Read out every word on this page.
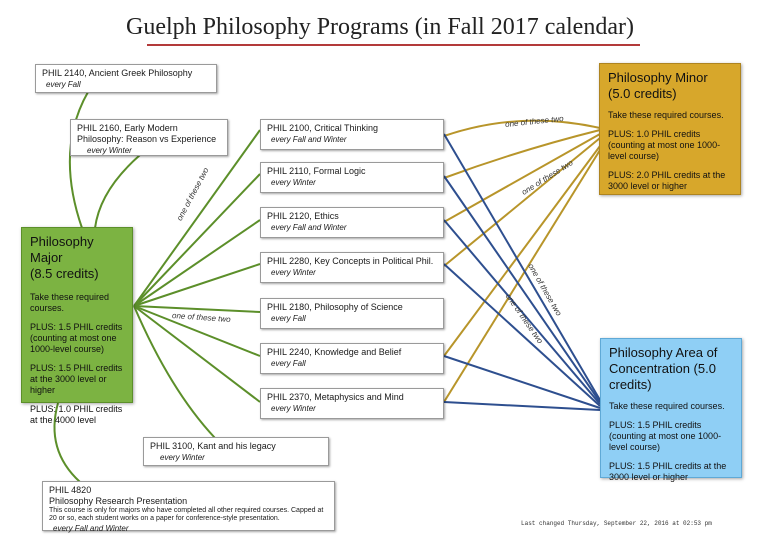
Guelph Philosophy Programs (in Fall 2017 calendar)
PHIL 2140, Ancient Greek Philosophy
every Fall
PHIL 2160, Early Modern
Philosophy: Reason vs Experience
every Winter
PHIL 2100, Critical Thinking
every Fall and Winter
PHIL 2110, Formal Logic
every Winter
PHIL 2120, Ethics
every Fall and Winter
PHIL 2280, Key Concepts in Political Phil.
every Winter
PHIL 2180, Philosophy of Science
every Fall
PHIL 2240, Knowledge and Belief
every Fall
PHIL 2370, Metaphysics and Mind
every Winter
PHIL 3100, Kant and his legacy
every Winter
PHIL 4820
Philosophy Research Presentation
This course is only for majors who have completed all other required courses. Capped at 20 or so, each student works on a paper for conference-style presentation.
every Fall and Winter
Philosophy Major
(8.5 credits)
Take these required courses.
PLUS: 1.5 PHIL credits (counting at most one 1000-level course)
PLUS: 1.5 PHIL credits at the 3000 level or higher
PLUS: 1.0 PHIL credits at the 4000 level
Philosophy Minor
(5.0 credits)
Take these required courses.
PLUS: 1.0 PHIL credits (counting at most one 1000-level course)
PLUS: 2.0 PHIL credits at the 3000 level or higher
Philosophy Area of Concentration (5.0 credits)
Take these required courses.
PLUS: 1.5 PHIL credits (counting at most one 1000-level course)
PLUS: 1.5 PHIL credits at the 3000 level or higher
one of these two
one of these two
one of these two
one of these two
one of these two
one of these two
Last changed Thursday, September 22, 2016 at 02:53 pm
